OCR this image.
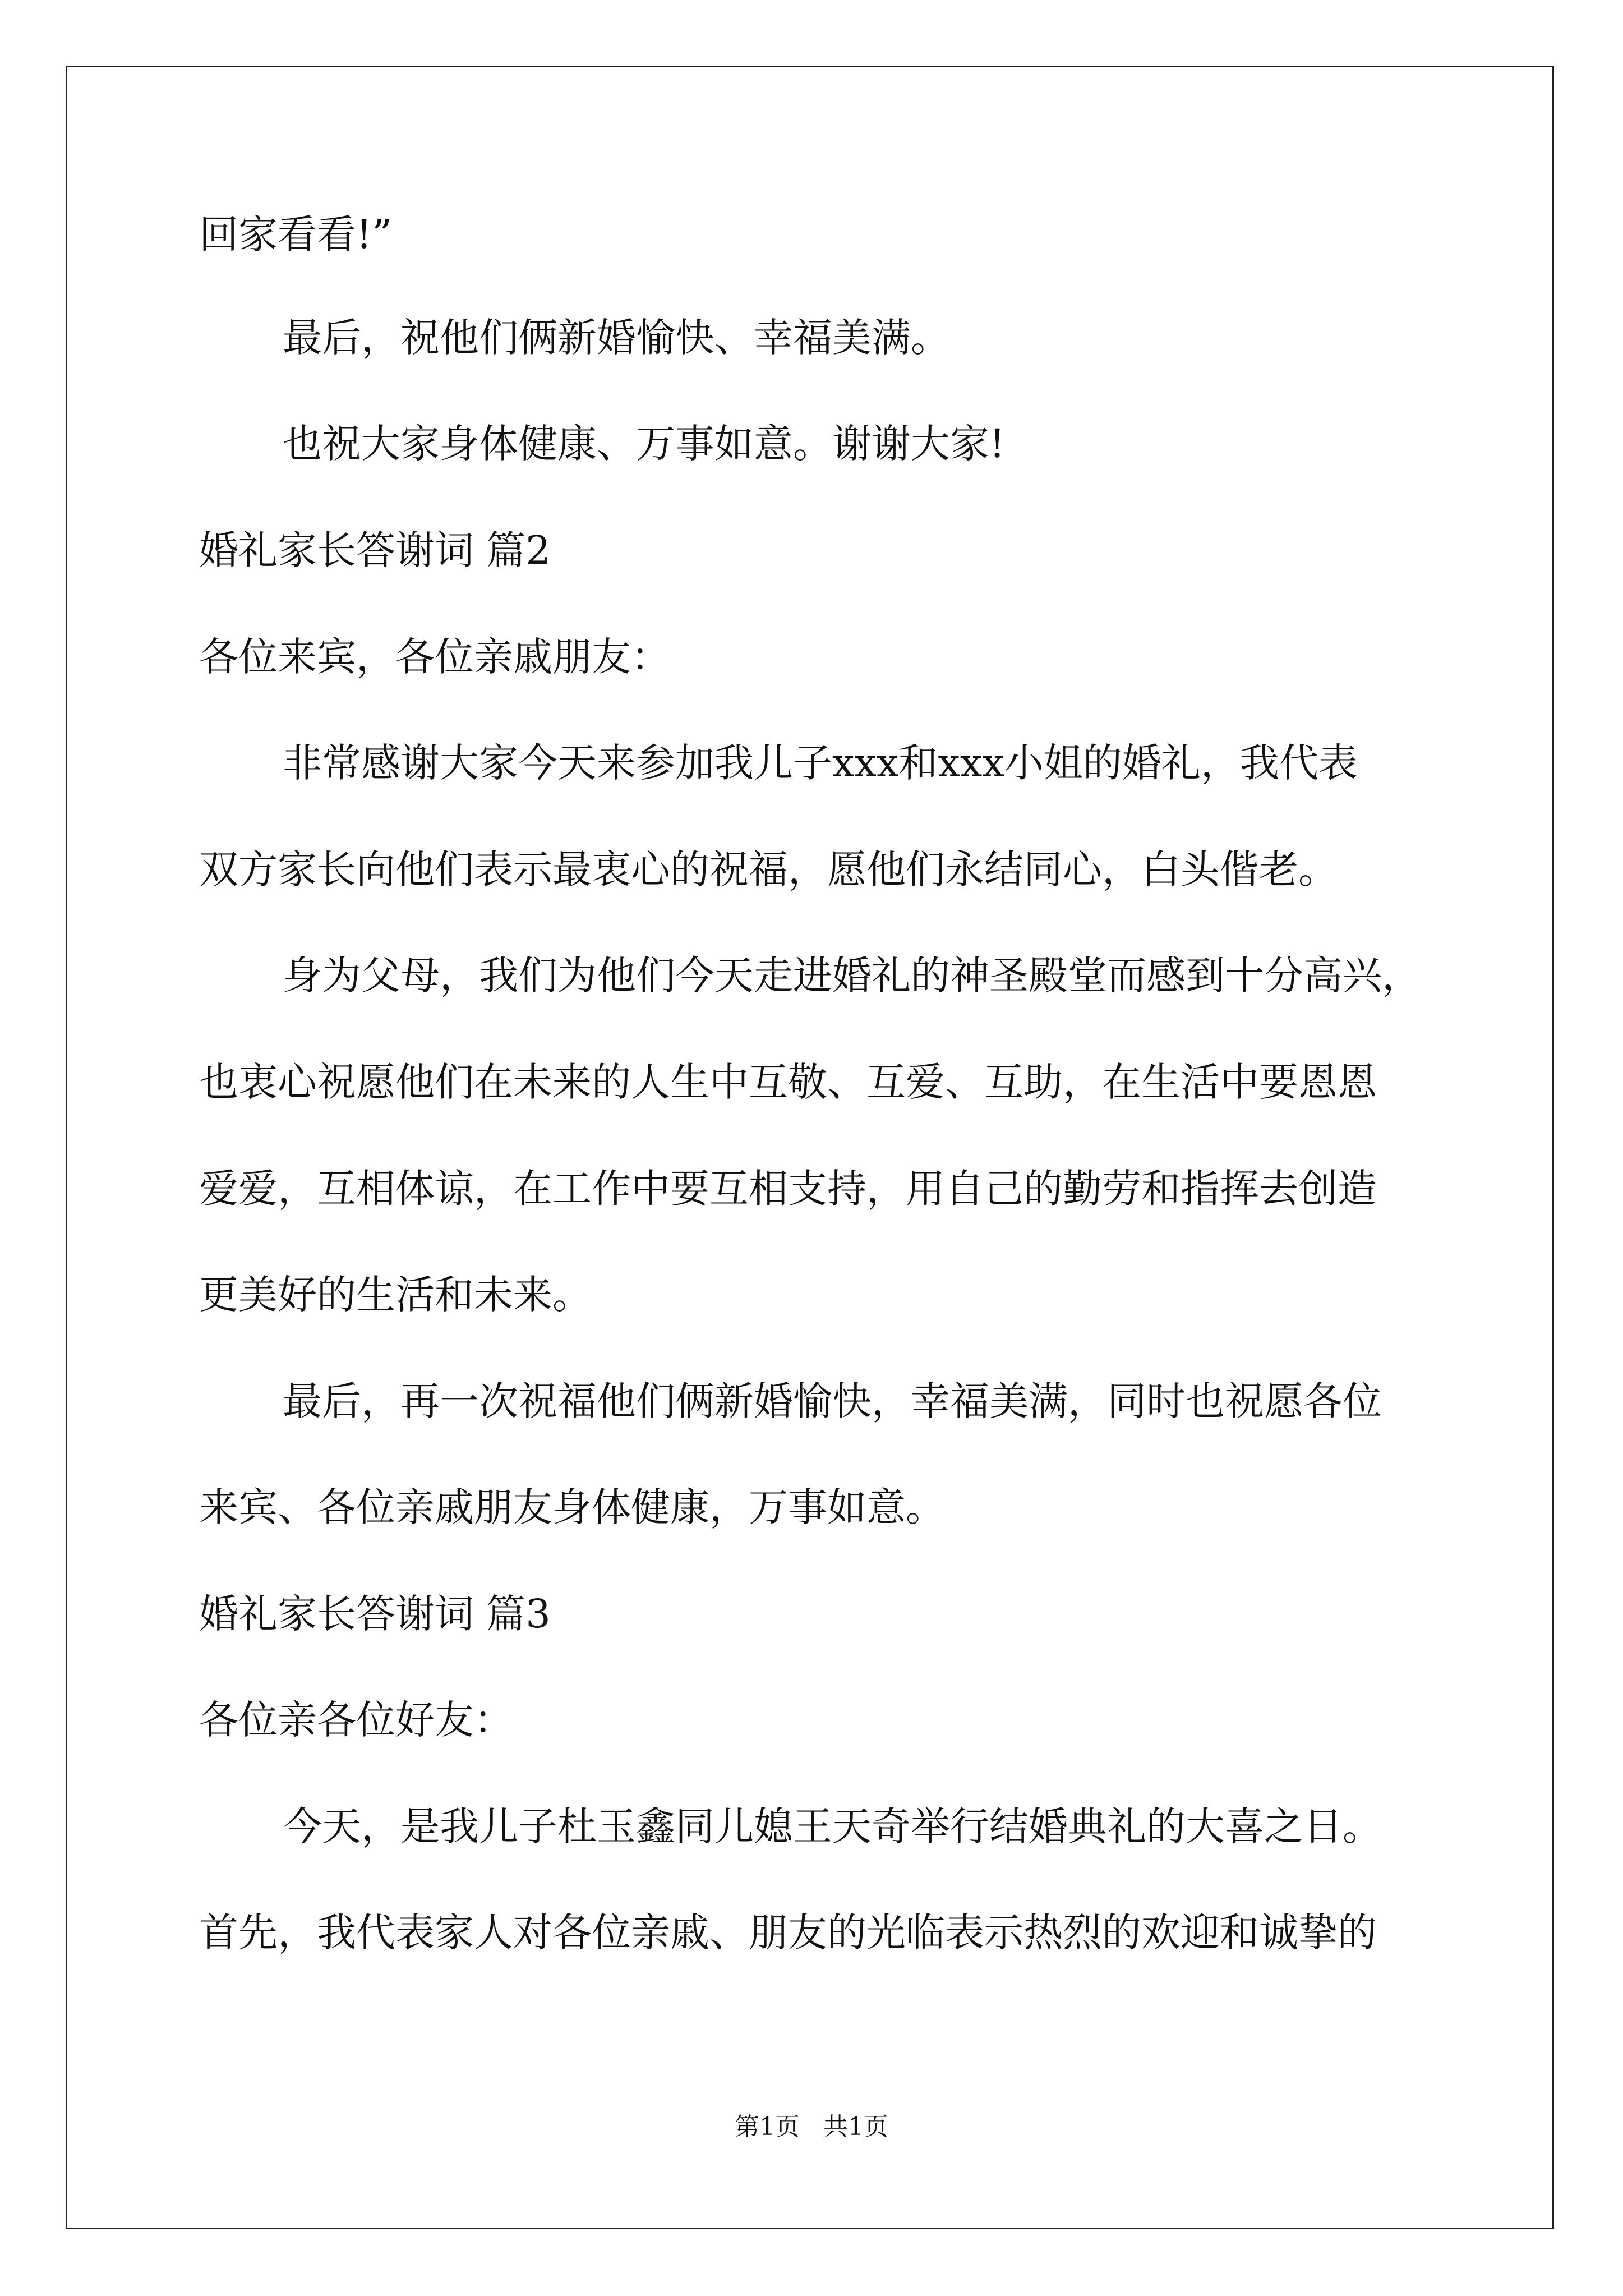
回家看看!”

最后，祝他们俩新婚愉快、幸福美满。

也祝大家身体健康、万事如意。谢谢大家!

婚礼家长答谢词 篇2

各位来宾，各位亲戚朋友：

非常感谢大家今天来参加我儿子xxx和xxx小姐的婚礼，我代表

双方家长向他们表示最衷心的祝福，愿他们永结同心，白头偕老。

身为父母，我们为他们今天走进婚礼的神圣殿堂而感到十分高兴，

也衷心祝愿他们在未来的人生中互敬、互爱、互助，在生活中要恩恩

爱爱，互相体谅，在工作中要互相支持，用自己的勤劳和指挥去创造

更美好的生活和未来。

最后，再一次祝福他们俩新婚愉快，幸福美满，同时也祝愿各位

来宾、各位亲戚朋友身体健康，万事如意。

婚礼家长答谢词 篇3

各位亲各位好友：

今天，是我儿子杜玉鑫同儿媳王天奇举行结婚典礼的大喜之日。

首先，我代表家人对各位亲戚、朋友的光临表示热烈的欢迎和诚挚的

第1页   共1页
